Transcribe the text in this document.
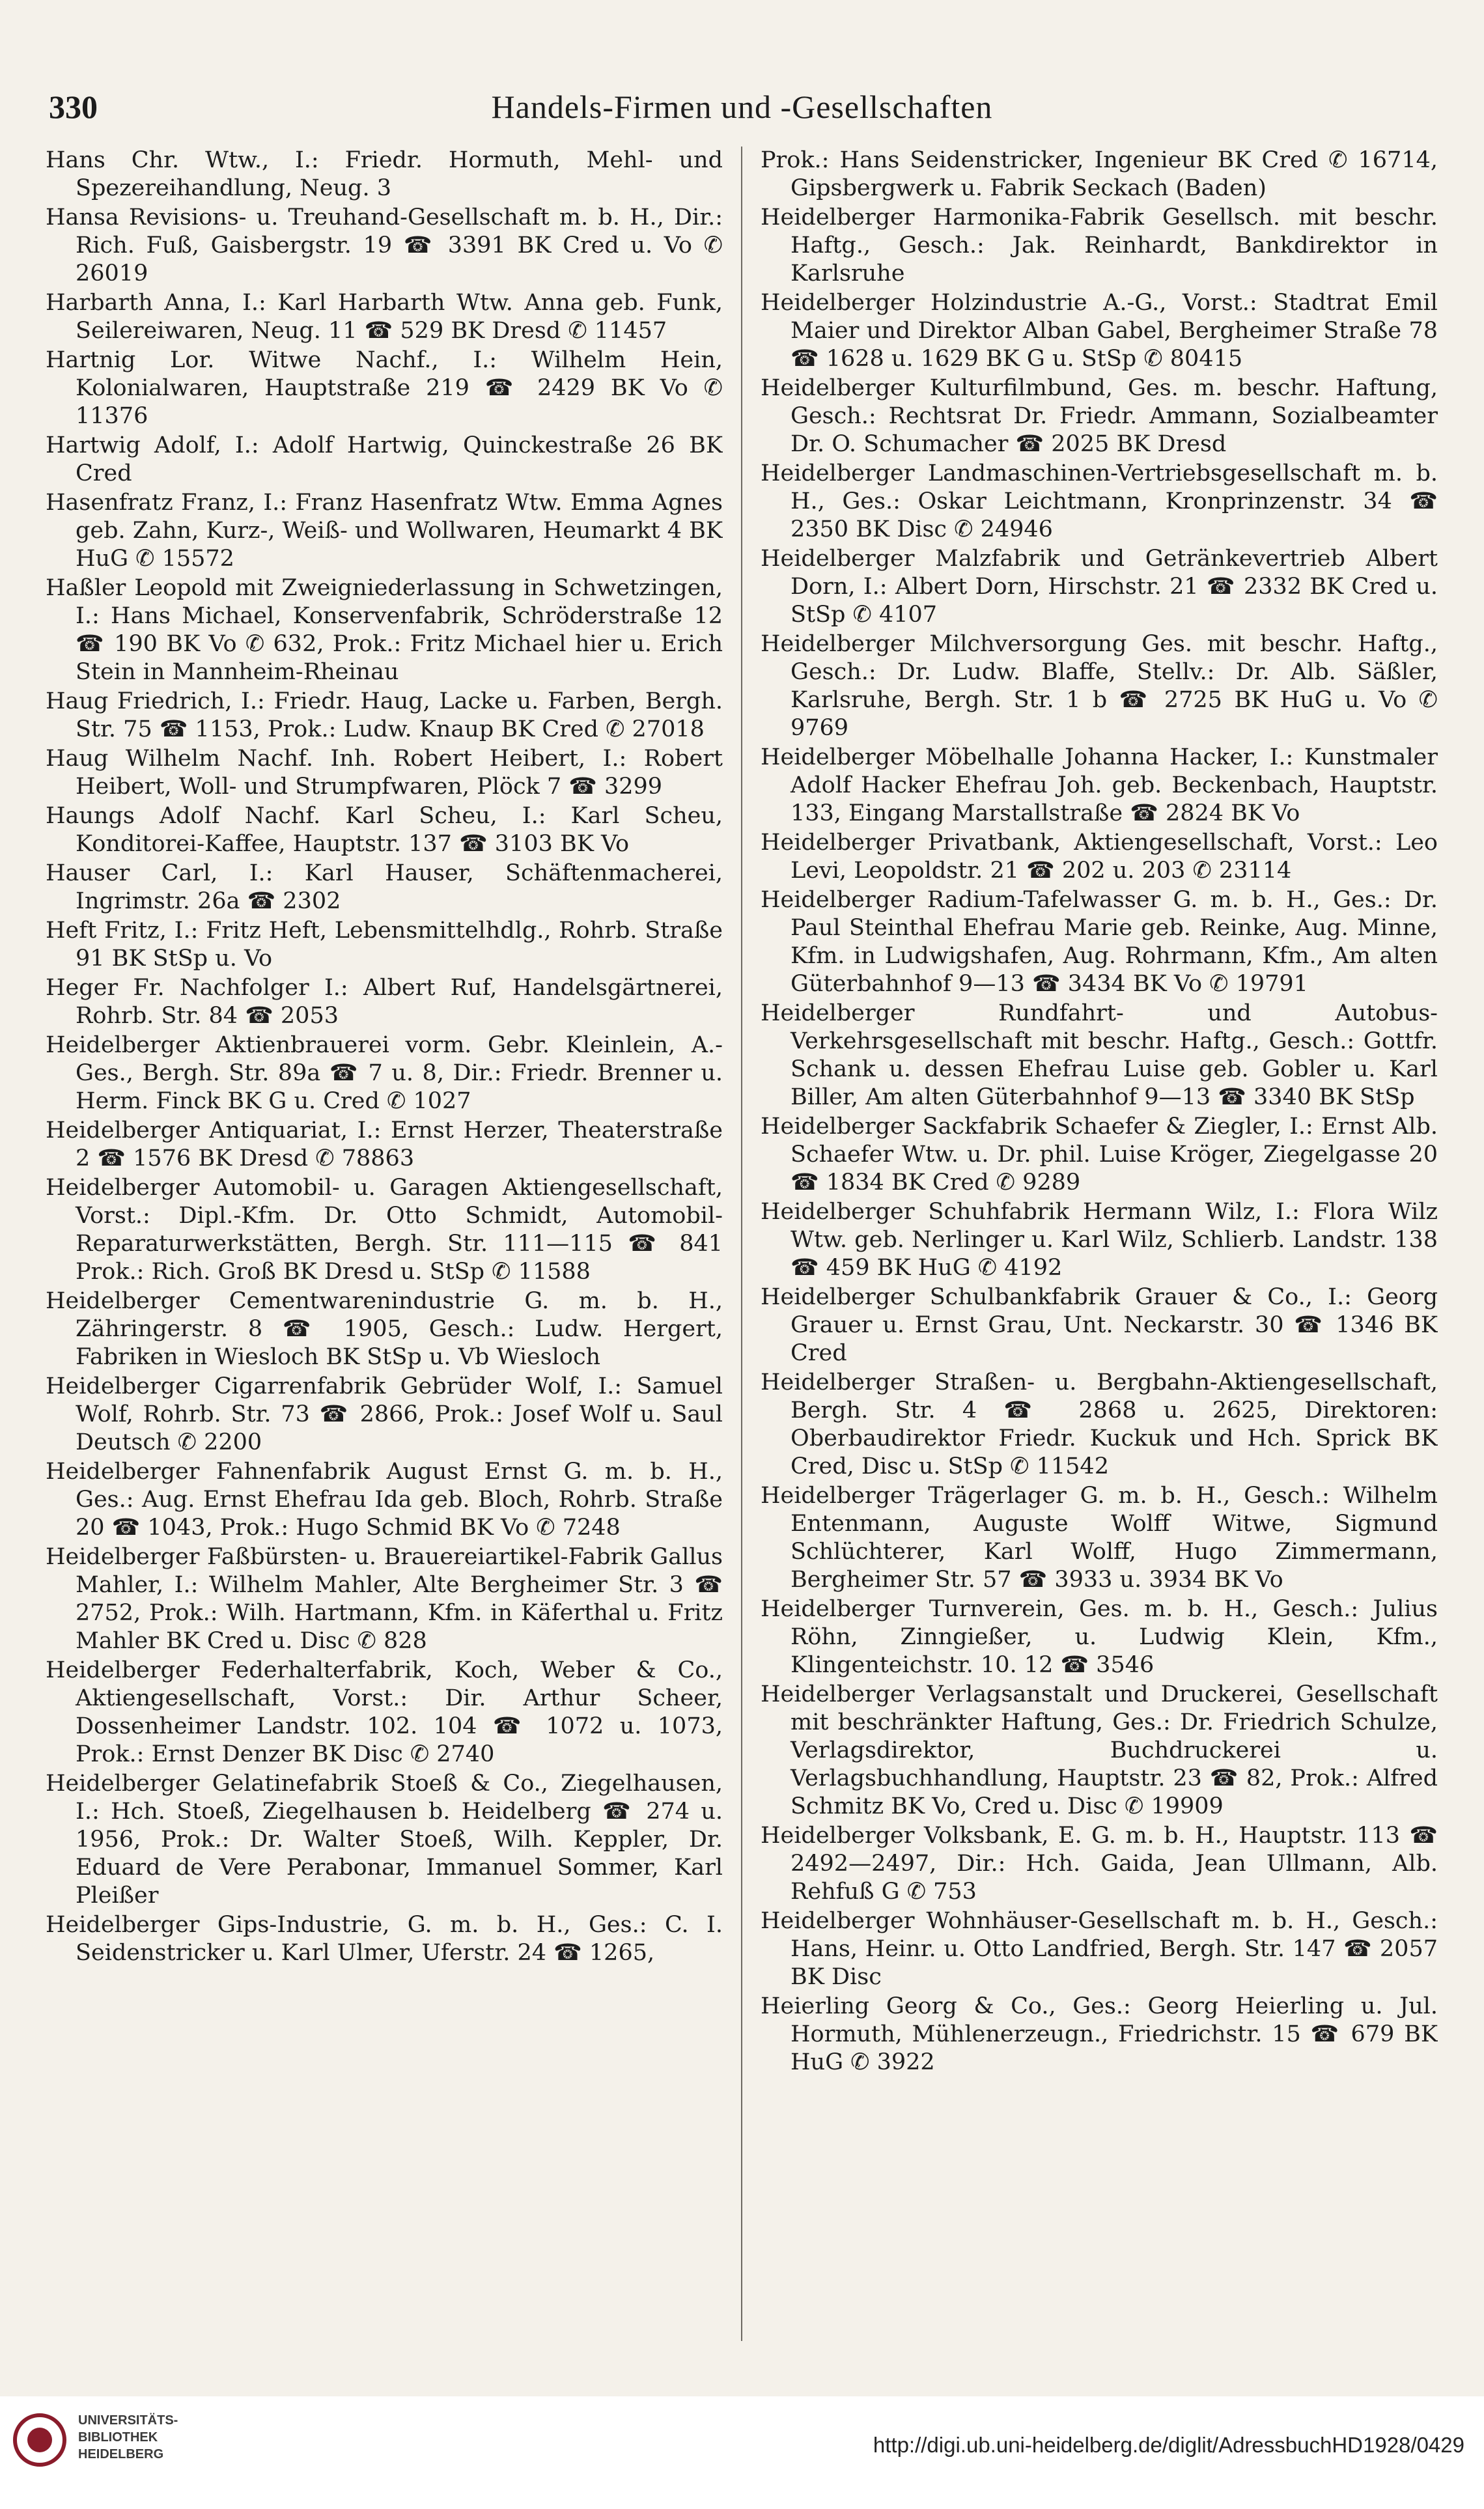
330	Handels-Firmen und -Gesellschaften

Hans Chr. Wtw., I.: Friedr. Hormuth, Mehl- und Spezereihandlung, Neug. 3

Hansa Revisions- u. Treuhand-Gesellschaft m. b. H., Dir.: Rich. Fuß, Gaisbergstr. 19 ☎ 3391 BK Cred u. Vo ✆ 26019

Harbarth Anna, I.: Karl Harbarth Wtw. Anna geb. Funk, Seilereiwaren, Neug. 11 ☎ 529 BK Dresd ✆ 11457

Hartnig Lor. Witwe Nachf., I.: Wilhelm Hein, Kolonialwaren, Hauptstraße 219 ☎ 2429 BK Vo ✆ 11376

Hartwig Adolf, I.: Adolf Hartwig, Quinckestraße 26 BK Cred

Hasenfratz Franz, I.: Franz Hasenfratz Wtw. Emma Agnes geb. Zahn, Kurz-, Weiß- und Wollwaren, Heumarkt 4 BK HuG ✆ 15572

Haßler Leopold mit Zweigniederlassung in Schwetzingen, I.: Hans Michael, Konservenfabrik, Schröderstraße 12 ☎ 190 BK Vo ✆ 632, Prok.: Fritz Michael hier u. Erich Stein in Mannheim-Rheinau

Haug Friedrich, I.: Friedr. Haug, Lacke u. Farben, Bergh. Str. 75 ☎ 1153, Prok.: Ludw. Knaup BK Cred ✆ 27018

Haug Wilhelm Nachf. Inh. Robert Heibert, I.: Robert Heibert, Woll- und Strumpfwaren, Plöck 7 ☎ 3299

Haungs Adolf Nachf. Karl Scheu, I.: Karl Scheu, Konditorei-Kaffee, Hauptstr. 137 ☎ 3103 BK Vo

Hauser Carl, I.: Karl Hauser, Schäftenmacherei, Ingrimstr. 26a ☎ 2302

Heft Fritz, I.: Fritz Heft, Lebensmittelhdlg., Rohrb. Straße 91 BK StSp u. Vo

Heger Fr. Nachfolger I.: Albert Ruf, Handelsgärtnerei, Rohrb. Str. 84 ☎ 2053

Heidelberger Aktienbrauerei vorm. Gebr. Kleinlein, A.-Ges., Bergh. Str. 89a ☎ 7 u. 8, Dir.: Friedr. Brenner u. Herm. Finck BK G u. Cred ✆ 1027

Heidelberger Antiquariat, I.: Ernst Herzer, Theaterstraße 2 ☎ 1576 BK Dresd ✆ 78863

Heidelberger Automobil- u. Garagen Aktiengesellschaft, Vorst.: Dipl.-Kfm. Dr. Otto Schmidt, Automobil-Reparaturwerkstätten, Bergh. Str. 111—115 ☎ 841 Prok.: Rich. Groß BK Dresd u. StSp ✆ 11588

Heidelberger Cementwarenindustrie G. m. b. H., Zähringerstr. 8 ☎ 1905, Gesch.: Ludw. Hergert, Fabriken in Wiesloch BK StSp u. Vb Wiesloch

Heidelberger Cigarrenfabrik Gebrüder Wolf, I.: Samuel Wolf, Rohrb. Str. 73 ☎ 2866, Prok.: Josef Wolf u. Saul Deutsch ✆ 2200

Heidelberger Fahnenfabrik August Ernst G. m. b. H., Ges.: Aug. Ernst Ehefrau Ida geb. Bloch, Rohrb. Straße 20 ☎ 1043, Prok.: Hugo Schmid BK Vo ✆ 7248

Heidelberger Faßbürsten- u. Brauereiartikel-Fabrik Gallus Mahler, I.: Wilhelm Mahler, Alte Bergheimer Str. 3 ☎ 2752, Prok.: Wilh. Hartmann, Kfm. in Käferthal u. Fritz Mahler BK Cred u. Disc ✆ 828

Heidelberger Federhalterfabrik, Koch, Weber & Co., Aktiengesellschaft, Vorst.: Dir. Arthur Scheer, Dossenheimer Landstr. 102. 104 ☎ 1072 u. 1073, Prok.: Ernst Denzer BK Disc ✆ 2740

Heidelberger Gelatinefabrik Stoeß & Co., Ziegelhausen, I.: Hch. Stoeß, Ziegelhausen b. Heidelberg ☎ 274 u. 1956, Prok.: Dr. Walter Stoeß, Wilh. Keppler, Dr. Eduard de Vere Perabonar, Immanuel Sommer, Karl Pleißer

Heidelberger Gips-Industrie, G. m. b. H., Ges.: C. I. Seidenstricker u. Karl Ulmer, Uferstr. 24 ☎ 1265,

Prok.: Hans Seidenstricker, Ingenieur BK Cred ✆ 16714, Gipsbergwerk u. Fabrik Seckach (Baden)

Heidelberger Harmonika-Fabrik Gesellsch. mit beschr. Haftg., Gesch.: Jak. Reinhardt, Bankdirektor in Karlsruhe

Heidelberger Holzindustrie A.-G., Vorst.: Stadtrat Emil Maier und Direktor Alban Gabel, Bergheimer Straße 78 ☎ 1628 u. 1629 BK G u. StSp ✆ 80415

Heidelberger Kulturfilmbund, Ges. m. beschr. Haftung, Gesch.: Rechtsrat Dr. Friedr. Ammann, Sozialbeamter Dr. O. Schumacher ☎ 2025 BK Dresd

Heidelberger Landmaschinen-Vertriebsgesellschaft m. b. H., Ges.: Oskar Leichtmann, Kronprinzenstr. 34 ☎ 2350 BK Disc ✆ 24946

Heidelberger Malzfabrik und Getränkevertrieb Albert Dorn, I.: Albert Dorn, Hirschstr. 21 ☎ 2332 BK Cred u. StSp ✆ 4107

Heidelberger Milchversorgung Ges. mit beschr. Haftg., Gesch.: Dr. Ludw. Blaffe, Stellv.: Dr. Alb. Säßler, Karlsruhe, Bergh. Str. 1 b ☎ 2725 BK HuG u. Vo ✆ 9769

Heidelberger Möbelhalle Johanna Hacker, I.: Kunstmaler Adolf Hacker Ehefrau Joh. geb. Beckenbach, Hauptstr. 133, Eingang Marstallstraße ☎ 2824 BK Vo

Heidelberger Privatbank, Aktiengesellschaft, Vorst.: Leo Levi, Leopoldstr. 21 ☎ 202 u. 203 ✆ 23114

Heidelberger Radium-Tafelwasser G. m. b. H., Ges.: Dr. Paul Steinthal Ehefrau Marie geb. Reinke, Aug. Minne, Kfm. in Ludwigshafen, Aug. Rohrmann, Kfm., Am alten Güterbahnhof 9—13 ☎ 3434 BK Vo ✆ 19791

Heidelberger Rundfahrt- und Autobus-Verkehrsgesellschaft mit beschr. Haftg., Gesch.: Gottfr. Schank u. dessen Ehefrau Luise geb. Gobler u. Karl Biller, Am alten Güterbahnhof 9—13 ☎ 3340 BK StSp

Heidelberger Sackfabrik Schaefer & Ziegler, I.: Ernst Alb. Schaefer Wtw. u. Dr. phil. Luise Kröger, Ziegelgasse 20 ☎ 1834 BK Cred ✆ 9289

Heidelberger Schuhfabrik Hermann Wilz, I.: Flora Wilz Wtw. geb. Nerlinger u. Karl Wilz, Schlierb. Landstr. 138 ☎ 459 BK HuG ✆ 4192

Heidelberger Schulbankfabrik Grauer & Co., I.: Georg Grauer u. Ernst Grau, Unt. Neckarstr. 30 ☎ 1346 BK Cred

Heidelberger Straßen- u. Bergbahn-Aktiengesellschaft, Bergh. Str. 4 ☎ 2868 u. 2625, Direktoren: Oberbaudirektor Friedr. Kuckuk und Hch. Sprick BK Cred, Disc u. StSp ✆ 11542

Heidelberger Trägerlager G. m. b. H., Gesch.: Wilhelm Entenmann, Auguste Wolff Witwe, Sigmund Schlüchterer, Karl Wolff, Hugo Zimmermann, Bergheimer Str. 57 ☎ 3933 u. 3934 BK Vo

Heidelberger Turnverein, Ges. m. b. H., Gesch.: Julius Röhn, Zinngießer, u. Ludwig Klein, Kfm., Klingenteichstr. 10. 12 ☎ 3546

Heidelberger Verlagsanstalt und Druckerei, Gesellschaft mit beschränkter Haftung, Ges.: Dr. Friedrich Schulze, Verlagsdirektor, Buchdruckerei u. Verlagsbuchhandlung, Hauptstr. 23 ☎ 82, Prok.: Alfred Schmitz BK Vo, Cred u. Disc ✆ 19909

Heidelberger Volksbank, E. G. m. b. H., Hauptstr. 113 ☎ 2492—2497, Dir.: Hch. Gaida, Jean Ullmann, Alb. Rehfuß G ✆ 753

Heidelberger Wohnhäuser-Gesellschaft m. b. H., Gesch.: Hans, Heinr. u. Otto Landfried, Bergh. Str. 147 ☎ 2057 BK Disc

Heierling Georg & Co., Ges.: Georg Heierling u. Jul. Hormuth, Mühlenerzeugn., Friedrichstr. 15 ☎ 679 BK HuG ✆ 3922

UNIVERSITÄTS-
BIBLIOTHEK
HEIDELBERG	http://digi.ub.uni-heidelberg.de/diglit/AdressbuchHD1928/0429
